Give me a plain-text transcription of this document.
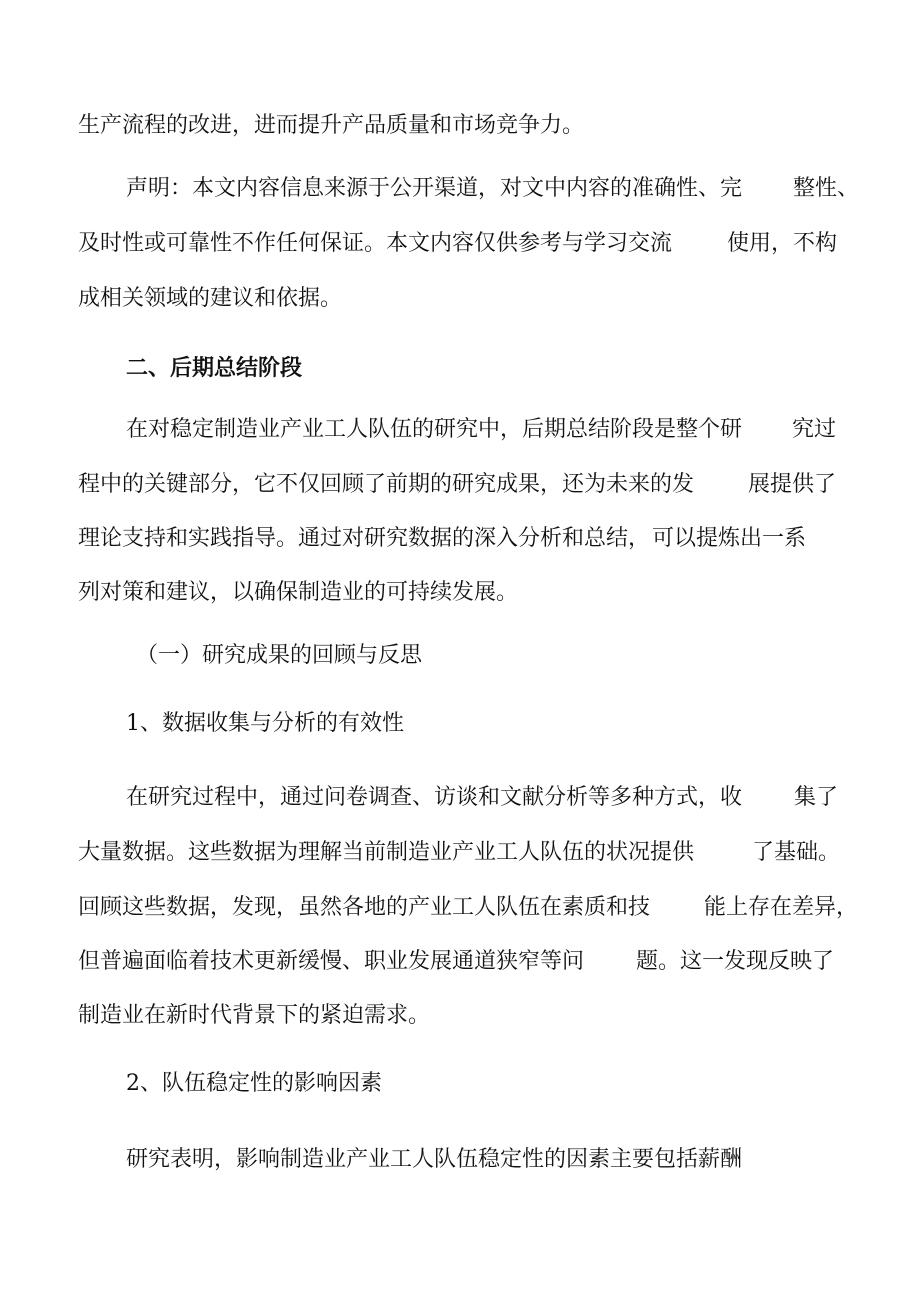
生产流程的改进，进而提升产品质量和市场竞争力。
声明：本文内容信息来源于公开渠道，对文中内容的准确性、完 整性、
及时性或可靠性不作任何保证。本文内容仅供参考与学习交流 使用，不构
成相关领域的建议和依据。
二、后期总结阶段
在对稳定制造业产业工人队伍的研究中，后期总结阶段是整个研 究过
程中的关键部分，它不仅回顾了前期的研究成果，还为未来的发 展提供了
理论支持和实践指导。通过对研究数据的深入分析和总结， 可以提炼出一系
列对策和建议，以确保制造业的可持续发展。
（一）研究成果的回顾与反思
1、数据收集与分析的有效性
在研究过程中，通过问卷调查、访谈和文献分析等多种方式，收 集了
大量数据。这些数据为理解当前制造业产业工人队伍的状况提供	了基础。
回顾这些数据，发现，虽然各地的产业工人队伍在素质和技 能上存在差异，
但普遍面临着技术更新缓慢、职业发展通道狭窄等问 题。这一发现反映了
制造业在新时代背景下的紧迫需求。
2、队伍稳定性的影响因素
研究表明，影响制造业产业工人队伍稳定性的因素主要包括薪酬
